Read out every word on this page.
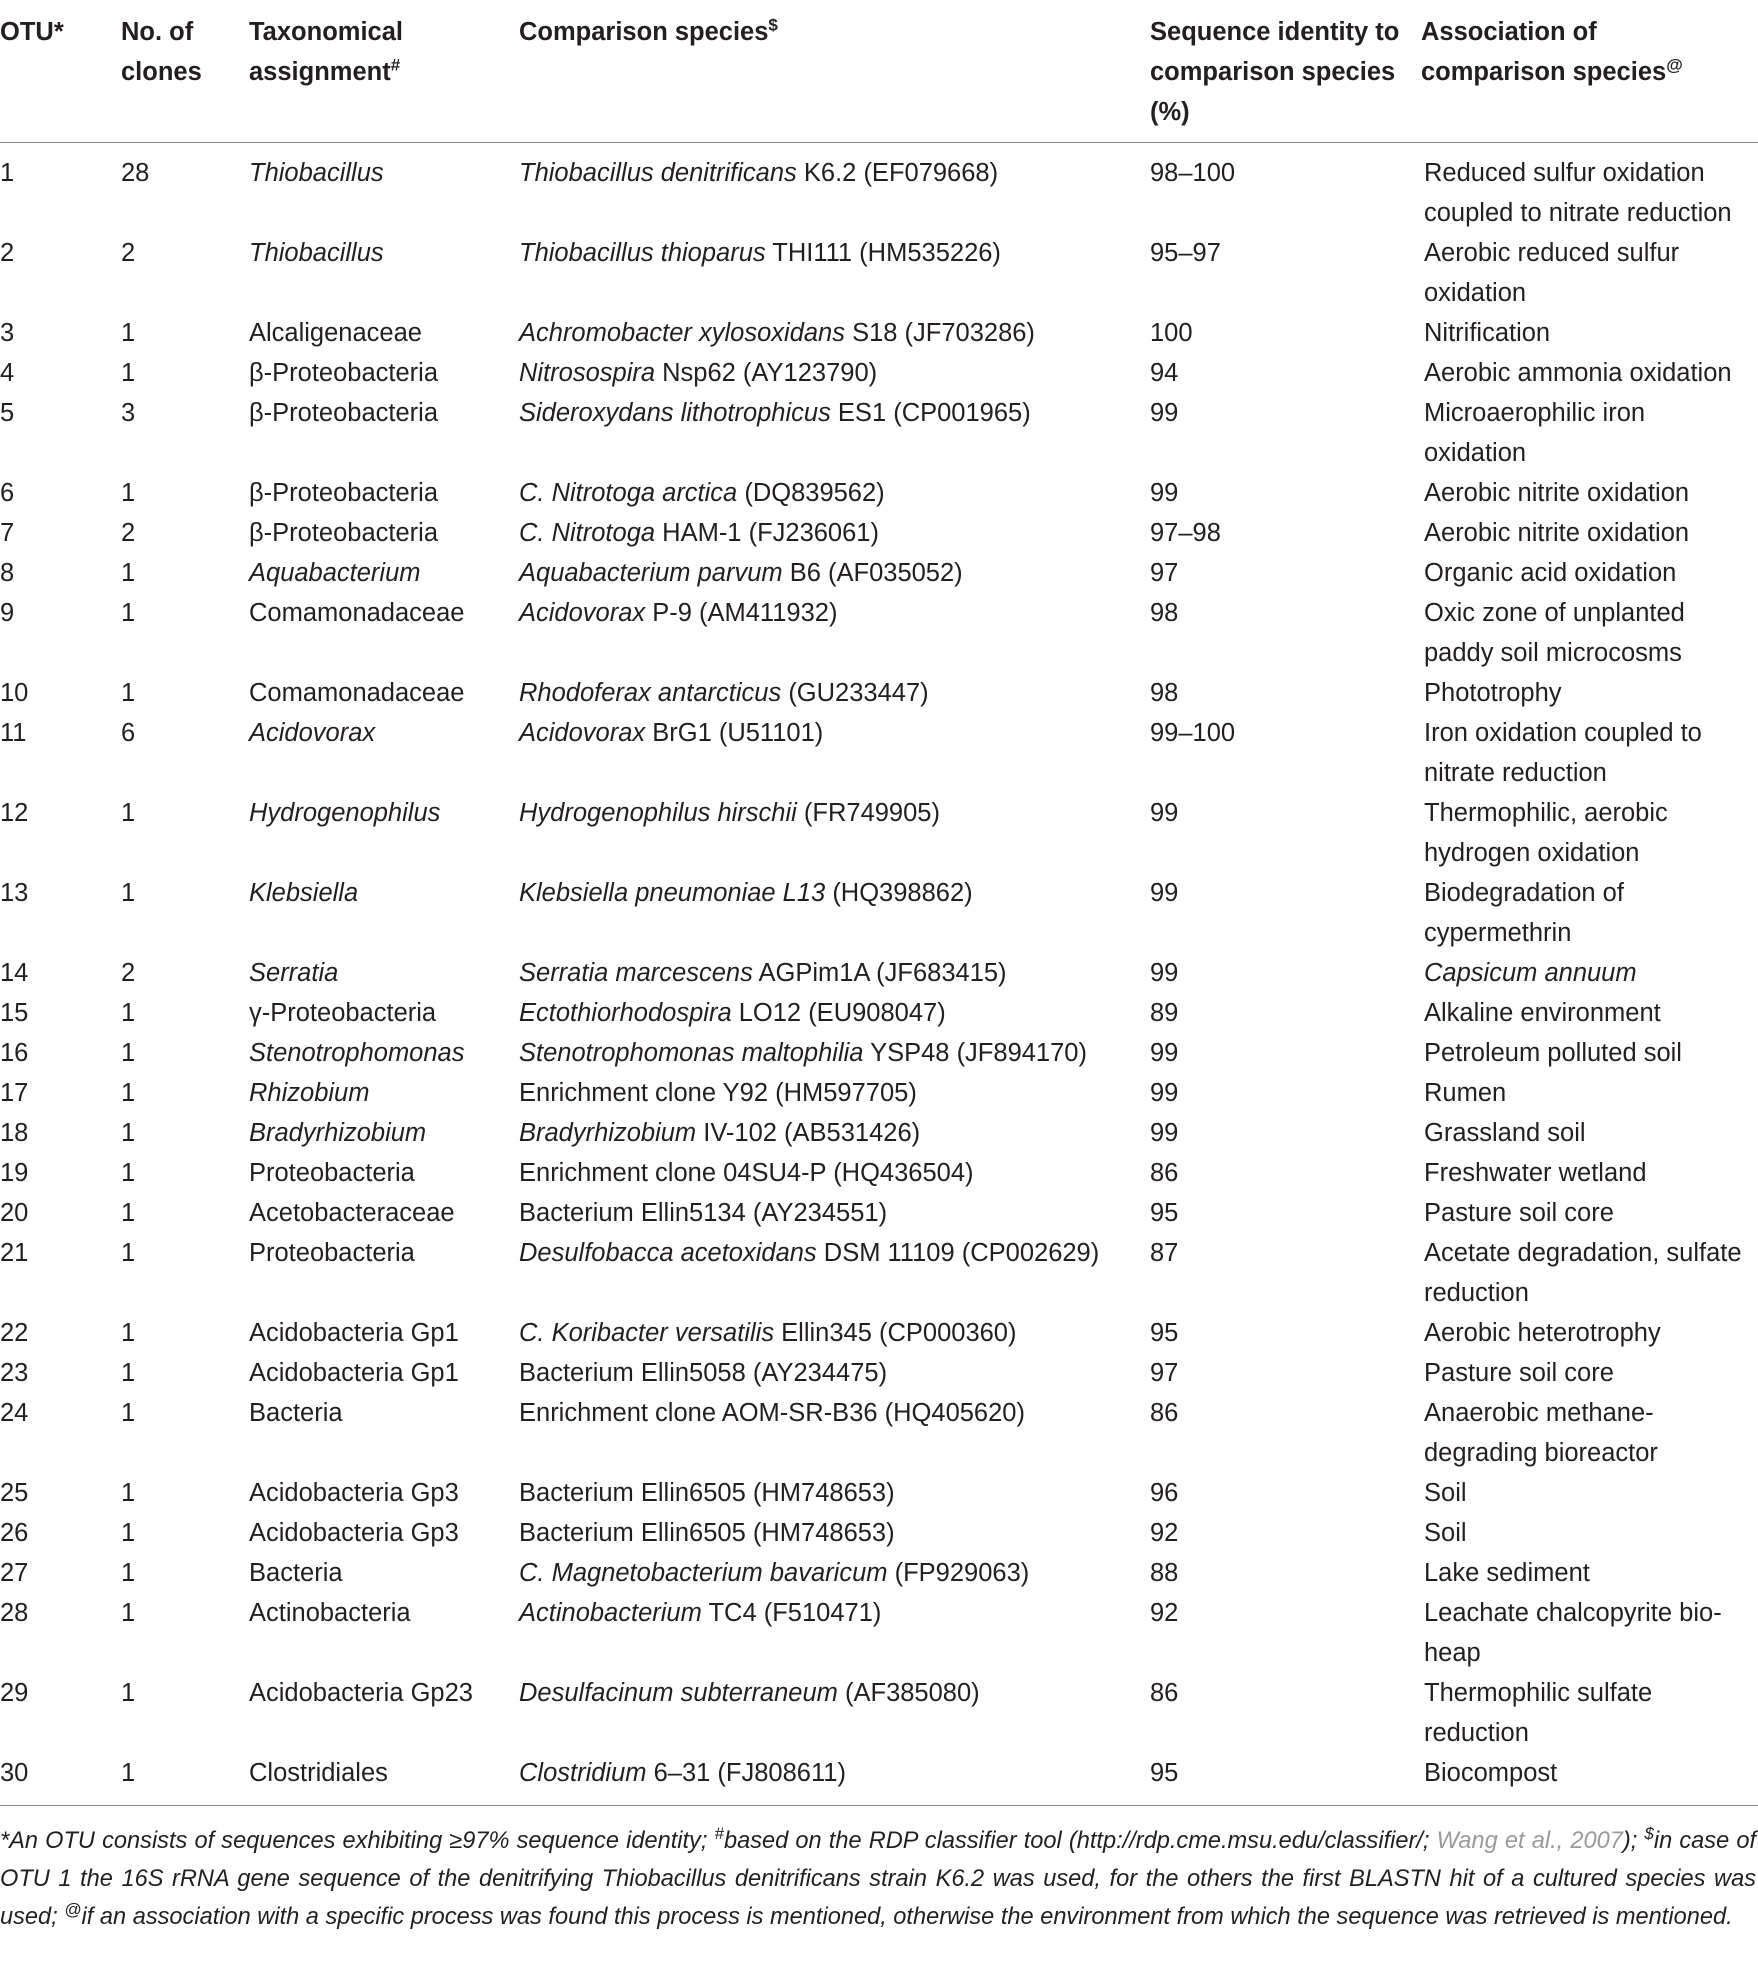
OTU*	No. of clones	Taxonomical assignment#	Comparison species$	Sequence identity to comparison species (%)	Association of comparison species@
1	28	Thiobacillus	Thiobacillus denitrificans K6.2 (EF079668)	98–100	Reduced sulfur oxidation coupled to nitrate reduction
2	2	Thiobacillus	Thiobacillus thioparus THI111 (HM535226)	95–97	Aerobic reduced sulfur oxidation
3	1	Alcaligenaceae	Achromobacter xylosoxidans S18 (JF703286)	100	Nitrification
4	1	β-Proteobacteria	Nitrosospira Nsp62 (AY123790)	94	Aerobic ammonia oxidation
5	3	β-Proteobacteria	Sideroxydans lithotrophicus ES1 (CP001965)	99	Microaerophilic iron oxidation
6	1	β-Proteobacteria	C. Nitrotoga arctica (DQ839562)	99	Aerobic nitrite oxidation
7	2	β-Proteobacteria	C. Nitrotoga HAM-1 (FJ236061)	97–98	Aerobic nitrite oxidation
8	1	Aquabacterium	Aquabacterium parvum B6 (AF035052)	97	Organic acid oxidation
9	1	Comamonadaceae	Acidovorax P-9 (AM411932)	98	Oxic zone of unplanted paddy soil microcosms
10	1	Comamonadaceae	Rhodoferax antarcticus (GU233447)	98	Phototrophy
11	6	Acidovorax	Acidovorax BrG1 (U51101)	99–100	Iron oxidation coupled to nitrate reduction
12	1	Hydrogenophilus	Hydrogenophilus hirschii (FR749905)	99	Thermophilic, aerobic hydrogen oxidation
13	1	Klebsiella	Klebsiella pneumoniae L13 (HQ398862)	99	Biodegradation of cypermethrin
14	2	Serratia	Serratia marcescens AGPim1A (JF683415)	99	Capsicum annuum
15	1	γ-Proteobacteria	Ectothiorhodospira LO12 (EU908047)	89	Alkaline environment
16	1	Stenotrophomonas	Stenotrophomonas maltophilia YSP48 (JF894170)	99	Petroleum polluted soil
17	1	Rhizobium	Enrichment clone Y92 (HM597705)	99	Rumen
18	1	Bradyrhizobium	Bradyrhizobium IV-102 (AB531426)	99	Grassland soil
19	1	Proteobacteria	Enrichment clone 04SU4-P (HQ436504)	86	Freshwater wetland
20	1	Acetobacteraceae	Bacterium Ellin5134 (AY234551)	95	Pasture soil core
21	1	Proteobacteria	Desulfobacca acetoxidans DSM 11109 (CP002629)	87	Acetate degradation, sulfate reduction
22	1	Acidobacteria Gp1	C. Koribacter versatilis Ellin345 (CP000360)	95	Aerobic heterotrophy
23	1	Acidobacteria Gp1	Bacterium Ellin5058 (AY234475)	97	Pasture soil core
24	1	Bacteria	Enrichment clone AOM-SR-B36 (HQ405620)	86	Anaerobic methane-degrading bioreactor
25	1	Acidobacteria Gp3	Bacterium Ellin6505 (HM748653)	96	Soil
26	1	Acidobacteria Gp3	Bacterium Ellin6505 (HM748653)	92	Soil
27	1	Bacteria	C. Magnetobacterium bavaricum (FP929063)	88	Lake sediment
28	1	Actinobacteria	Actinobacterium TC4 (F510471)	92	Leachate chalcopyrite bio-heap
29	1	Acidobacteria Gp23	Desulfacinum subterraneum (AF385080)	86	Thermophilic sulfate reduction
30	1	Clostridiales	Clostridium 6–31 (FJ808611)	95	Biocompost
*An OTU consists of sequences exhibiting ≥97% sequence identity; #based on the RDP classifier tool (http://rdp.cme.msu.edu/classifier/; Wang et al., 2007); $in case of OTU 1 the 16S rRNA gene sequence of the denitrifying Thiobacillus denitrificans strain K6.2 was used, for the others the first BLASTN hit of a cultured species was used; @if an association with a specific process was found this process is mentioned, otherwise the environment from which the sequence was retrieved is mentioned.
